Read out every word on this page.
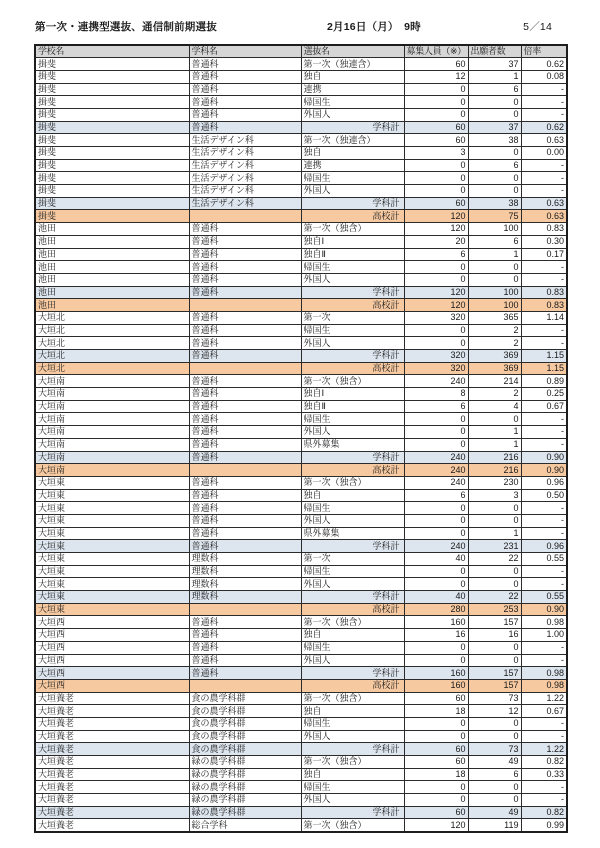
第一次・連携型選抜、通信制前期選抜	2月16日（月）　9時	5／14
学校名	学科名	選抜名	募集人員（※）	出願者数	倍率
揖斐	普通科	第一次（独連含）	60	37	0.62
揖斐	普通科	独自	12	1	0.08
揖斐	普通科	連携	0	6	-
揖斐	普通科	帰国生	0	0	-
揖斐	普通科	外国人	0	0	-
揖斐	普通科	学科計	60	37	0.62
揖斐	生活デザイン科	第一次（独連含）	60	38	0.63
揖斐	生活デザイン科	独自	3	0	0.00
揖斐	生活デザイン科	連携	0	6	-
揖斐	生活デザイン科	帰国生	0	0	-
揖斐	生活デザイン科	外国人	0	0	-
揖斐	生活デザイン科	学科計	60	38	0.63
揖斐		高校計	120	75	0.63
池田	普通科	第一次（独含）	120	100	0.83
池田	普通科	独自Ⅰ	20	6	0.30
池田	普通科	独自Ⅱ	6	1	0.17
池田	普通科	帰国生	0	0	-
池田	普通科	外国人	0	0	-
池田	普通科	学科計	120	100	0.83
池田		高校計	120	100	0.83
大垣北	普通科	第一次	320	365	1.14
大垣北	普通科	帰国生	0	2	-
大垣北	普通科	外国人	0	2	-
大垣北	普通科	学科計	320	369	1.15
大垣北		高校計	320	369	1.15
大垣南	普通科	第一次（独含）	240	214	0.89
大垣南	普通科	独自Ⅰ	8	2	0.25
大垣南	普通科	独自Ⅱ	6	4	0.67
大垣南	普通科	帰国生	0	0	-
大垣南	普通科	外国人	0	1	-
大垣南	普通科	県外募集	0	1	-
大垣南	普通科	学科計	240	216	0.90
大垣南		高校計	240	216	0.90
大垣東	普通科	第一次（独含）	240	230	0.96
大垣東	普通科	独自	6	3	0.50
大垣東	普通科	帰国生	0	0	-
大垣東	普通科	外国人	0	0	-
大垣東	普通科	県外募集	0	1	-
大垣東	普通科	学科計	240	231	0.96
大垣東	理数科	第一次	40	22	0.55
大垣東	理数科	帰国生	0	0	-
大垣東	理数科	外国人	0	0	-
大垣東	理数科	学科計	40	22	0.55
大垣東		高校計	280	253	0.90
大垣西	普通科	第一次（独含）	160	157	0.98
大垣西	普通科	独自	16	16	1.00
大垣西	普通科	帰国生	0	0	-
大垣西	普通科	外国人	0	0	-
大垣西	普通科	学科計	160	157	0.98
大垣西		高校計	160	157	0.98
大垣養老	食の農学科群	第一次（独含）	60	73	1.22
大垣養老	食の農学科群	独自	18	12	0.67
大垣養老	食の農学科群	帰国生	0	0	-
大垣養老	食の農学科群	外国人	0	0	-
大垣養老	食の農学科群	学科計	60	73	1.22
大垣養老	緑の農学科群	第一次（独含）	60	49	0.82
大垣養老	緑の農学科群	独自	18	6	0.33
大垣養老	緑の農学科群	帰国生	0	0	-
大垣養老	緑の農学科群	外国人	0	0	-
大垣養老	緑の農学科群	学科計	60	49	0.82
大垣養老	総合学科	第一次（独含）	120	119	0.99
